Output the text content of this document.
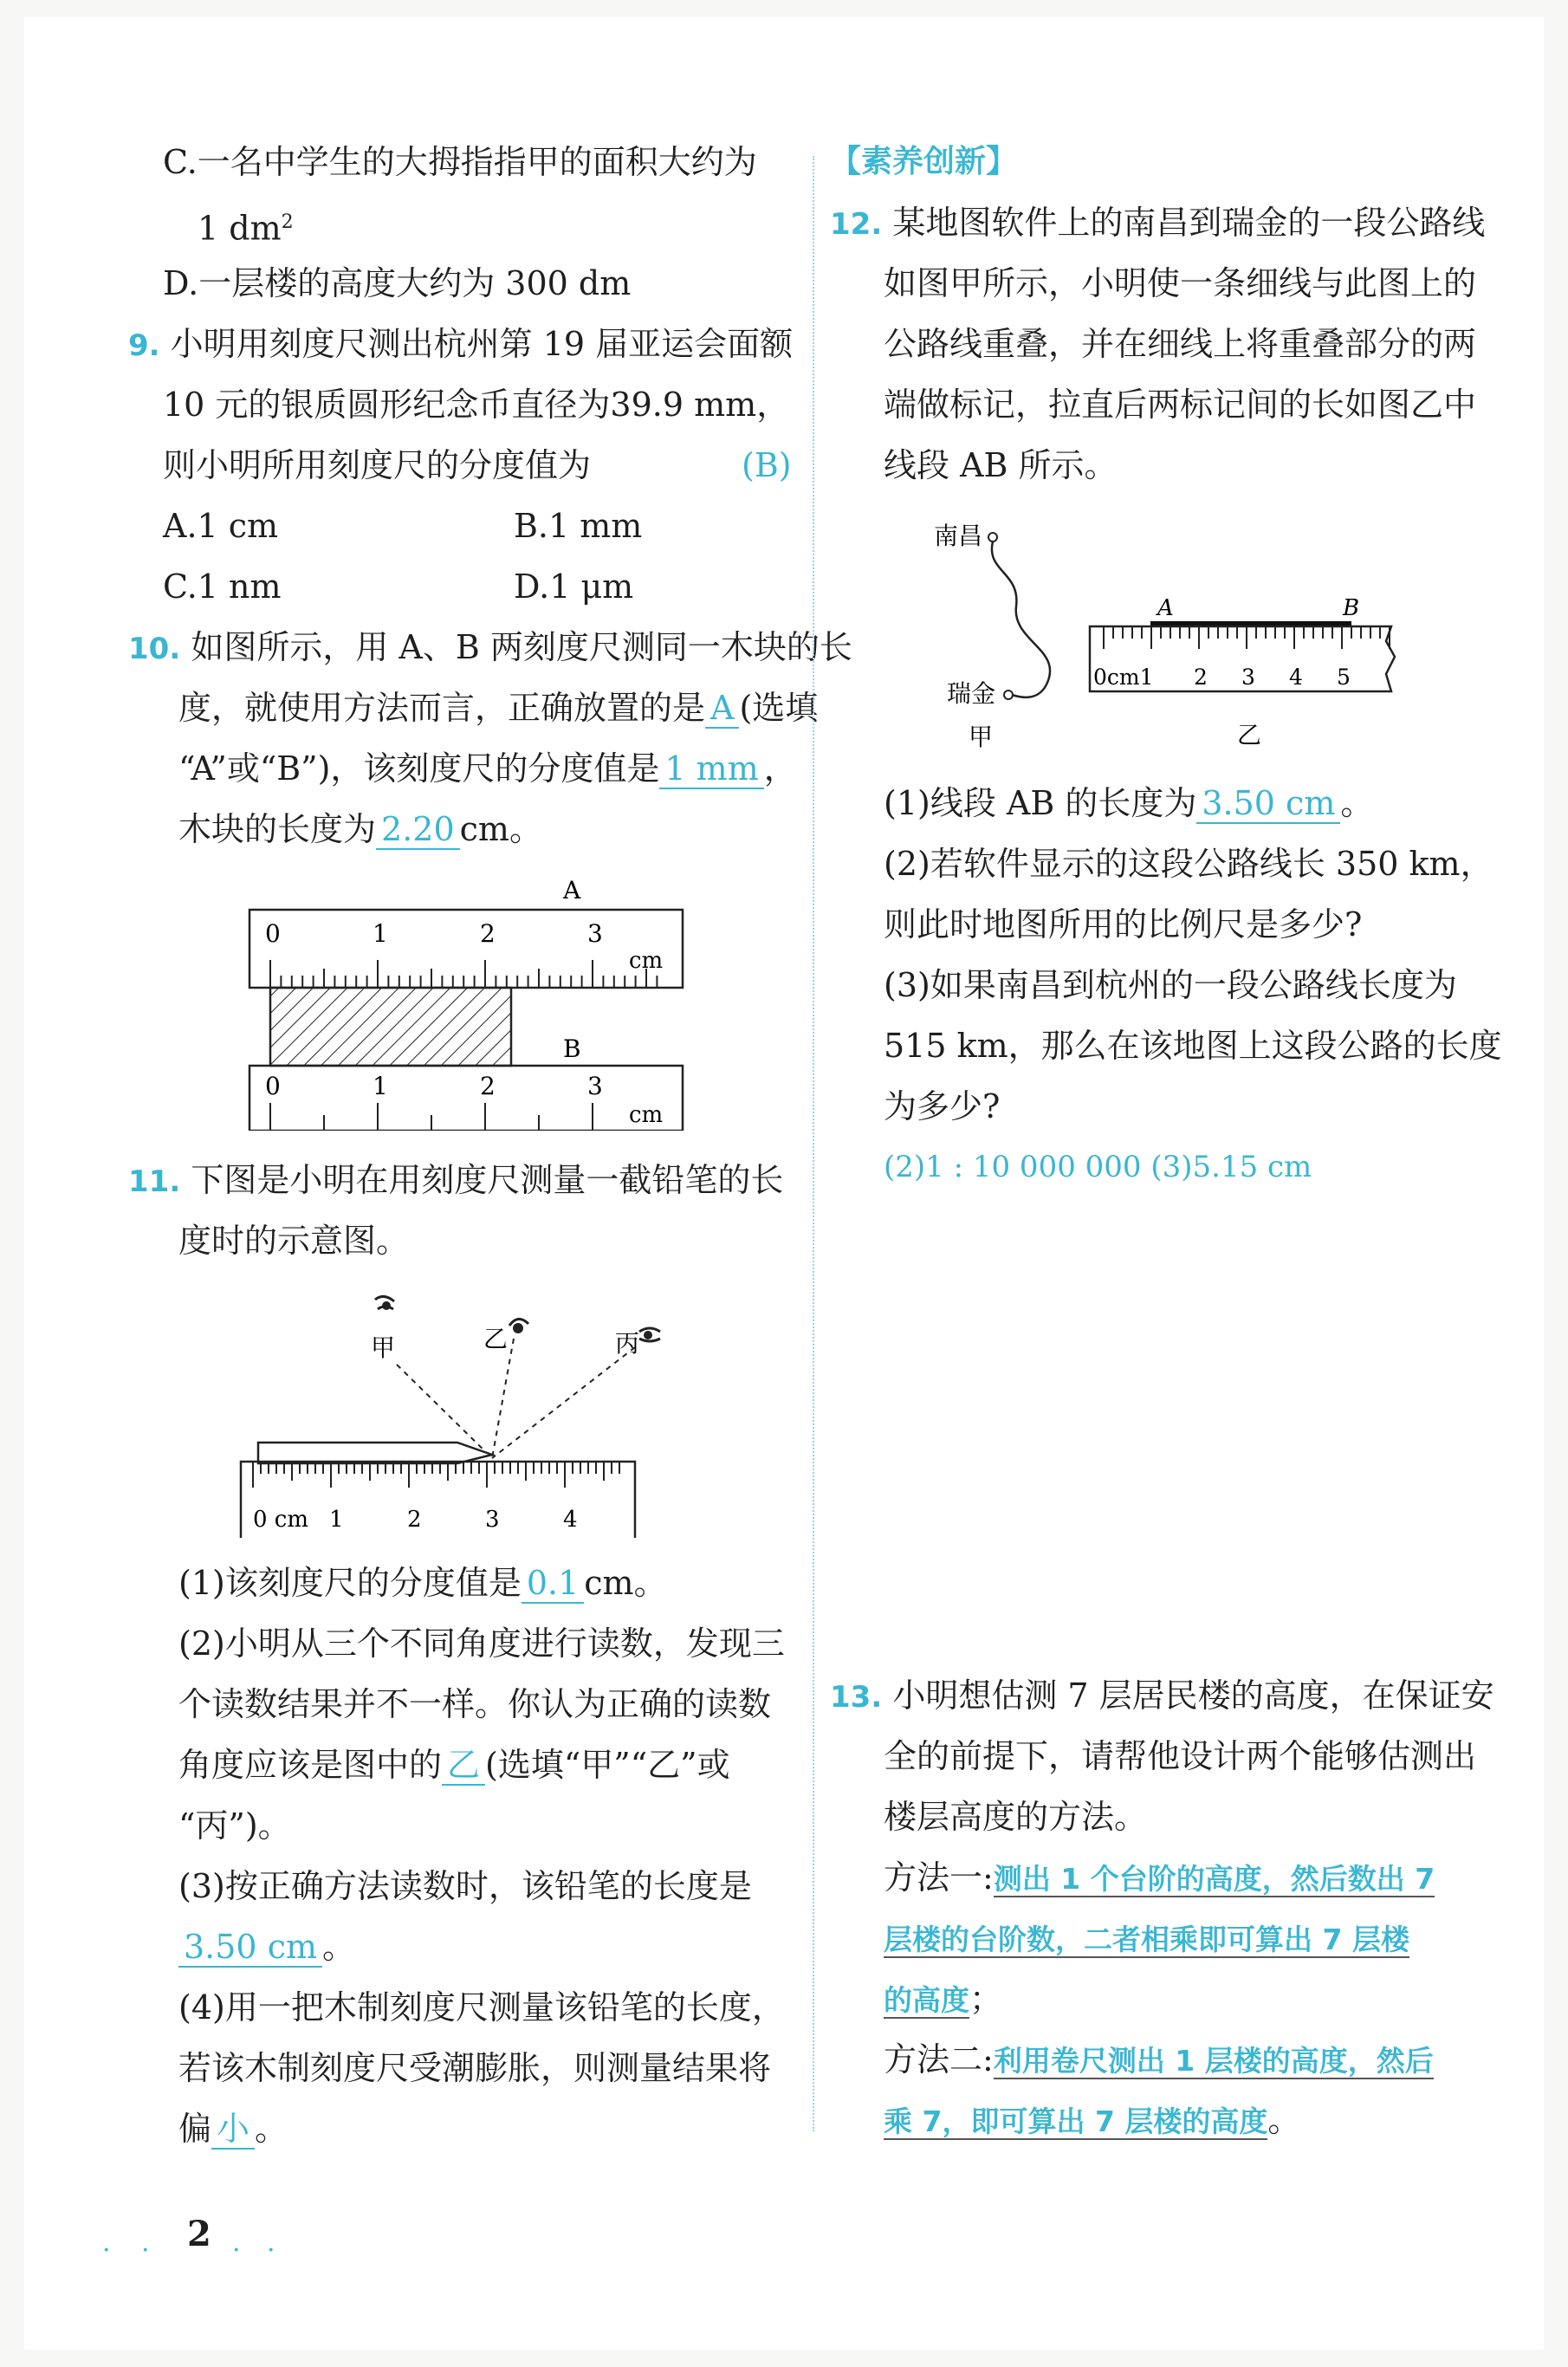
C.一名中学生的大拇指指甲的面积大约为
1 $dm^2$
D.一层楼的高度大约为 300 dm
9. 小明用刻度尺测出杭州第 19 届亚运会面额
10 元的银质圆形纪念币直径为39.9 mm，
则小明所用刻度尺的分度值为	(B)
A.1 cm	B.1 mm
C.1 nm	D.1 μm
10. 如图所示，用 A、B 两刻度尺测同一木块的长
度，就使用方法而言，正确放置的是 A (选填
“A”或“B”)，该刻度尺的分度值是 1 mm ，
木块的长度为 2.20 cm。
A
0	1	2	3
cm
B
0	1	2	3
cm
11. 下图是小明在用刻度尺测量一截铅笔的长
度时的示意图。
甲	乙	丙
0 cm 1	2	3	4
(1)该刻度尺的分度值是 0.1 cm。
(2)小明从三个不同角度进行读数，发现三
个读数结果并不一样。你认为正确的读数
角度应该是图中的 乙 (选填“甲”“乙”或
“丙”)。
(3)按正确方法读数时，该铅笔的长度是
3.50 cm 。
(4)用一把木制刻度尺测量该铅笔的长度，
若该木制刻度尺受潮膨胀，则测量结果将
偏 小 。
【素养创新】
12. 某地图软件上的南昌到瑞金的一段公路线
如图甲所示，小明使一条细线与此图上的
公路线重叠，并在细线上将重叠部分的两
端做标记，拉直后两标记间的长如图乙中
线段 AB 所示。
南昌
瑞金
甲
A	B
0cm1 2 3 4 5
乙
(1)线段 AB 的长度为 3.50 cm 。
(2)若软件显示的这段公路线长 350 km，
则此时地图所用的比例尺是多少?
(3)如果南昌到杭州的一段公路线长度为
515 km，那么在该地图上这段公路的长度
为多少?
(2)1 : 10 000 000 (3)5.15 cm
13. 小明想估测 7 层居民楼的高度，在保证安
全的前提下，请帮他设计两个能够估测出
楼层高度的方法。
方法一:测出 1 个台阶的高度，然后数出 7
层楼的台阶数，二者相乘即可算出 7 层楼
的高度；
方法二:利用卷尺测出 1 层楼的高度，然后
乘 7，即可算出 7 层楼的高度。
· · 2 · ·
